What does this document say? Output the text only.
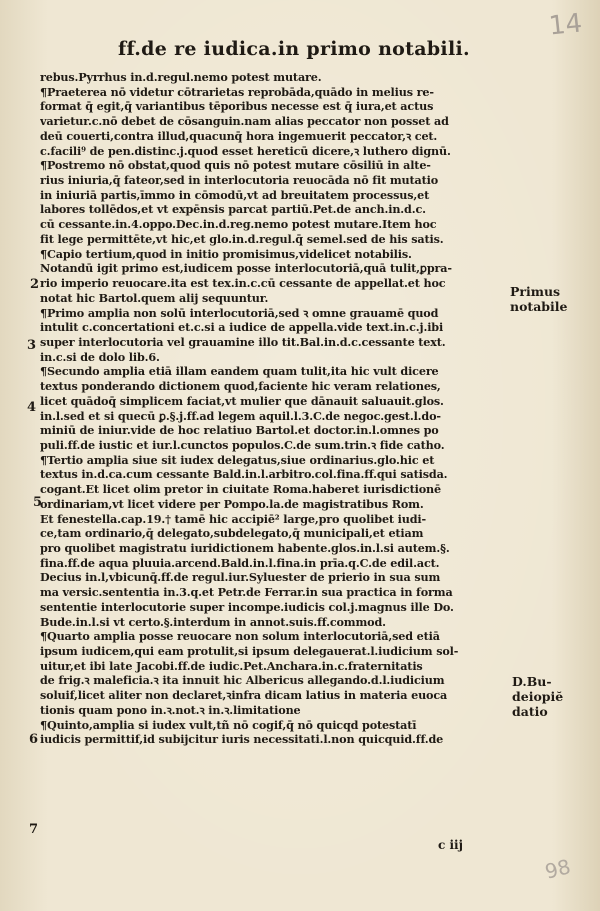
14
ff.de re iudica.in primo notabili.
rebus.Pyrrhus in.d.regul.nemo potest mutare.
¶Praeterea nō videtur cōtrarietas reprobāda,quādo in melius re-
format q̄ egit,q̄ variantibus tēporibus necesse est q̄ iura,et actus
varietur.c.nō debet de cōsanguin.nam alias peccator non posset ad
deū couerti,contra illud,quacunq̄ hora ingemuerit peccator,ꝛ cet.
c.facili⁹ de pen.distinc.j.quod esset hereticū dicere,ꝛ luthero dignū.
¶Postremo nō obstat,quod quis nō potest mutare cōsiliū in alte-
rius iniuria,q̄ fateor,sed in interlocutoria reuocāda nō fit mutatio
in iniuriā partis,īmmo in cōmodū,vt ad breuitatem processus,et
labores tollēdos,et vt expēnsis parcat partiū.Pet.de anch.in.d.c.
cū cessante.in.4.oppo.Dec.in.d.reg.nemo potest mutare.Item hoc
fit lege permittēte,vt hic,et glo.in.d.regul.q̄ semel.sed de his satis.
¶Capio tertium,quod in initio promisimus,videlicet notabilis.
Notandū igit primo est,iudicem posse interlocutoriā,quā tulit,ꝑpra-
rio imperio reuocare.ita est tex.in.c.cū cessante de appellat.et hoc
notat hic Bartol.quem alij sequuntur.
¶Primo amplia non solū interlocutoriā,sed ꝛ omne grauamē quod
intulit c.concertationi et.c.si a iudice de appella.vide text.in.c.j.ibi
super interlocutoria vel grauamine illo tit.Bal.in.d.c.cessante text.
in.c.si de dolo lib.6.
¶Secundo amplia etiā illam eandem quam tulit,ita hic vult dicere
textus ponderando dictionem quod,faciente hic veram relationes,
licet quādoq̄ simplicem faciat,vt mulier que dānauit saluauit.glos.
in.l.sed et si quecū ꝑ.§.j.ff.ad legem aquil.l.3.C.de negoc.gest.l.do-
miniū de iniur.vide de hoc relatiuo Bartol.et doctor.in.l.omnes po
puli.ff.de iustic et iur.l.cunctos populos.C.de sum.trin.ꝛ fide catho.
¶Tertio amplia siue sit iudex delegatus,siue ordinarius.glo.hic et
textus in.d.ca.cum cessante Bald.in.l.arbitro.col.fina.ff.qui satisda.
cogant.Et licet olim pretor in ciuitate Roma.haberet iurisdictionē
ordinariam,vt licet videre per Pompo.la.de magistratibus Rom.
Et fenestella.cap.19.† tamē hic accipiē² large,pro quolibet iudi-
ce,tam ordinario,q̄ delegato,subdelegato,q̄ municipali,et etiam
pro quolibet magistratu iuridictionem habente.glos.in.l.si autem.§.
fina.ff.de aqua pluuia.arcend.Bald.in.l.fina.in prīa.q.C.de edil.act.
Decius in.l,vbicunq̄.ff.de regul.iur.Syluester de prierio in sua sum
ma versic.sententia in.3.q.et Petr.de Ferrar.in sua practica in forma
sententie interlocutorie super incompe.iudicis col.j.magnus ille Do.
Bude.in.l.si vt certo.§.interdum in annot.suis.ff.commod.
¶Quarto amplia posse reuocare non solum interlocutoriā,sed etiā
ipsum iudicem,qui eam protulit,si ipsum delegauerat.l.iudicium sol-
uitur,et ibi late Jacobi.ff.de iudic.Pet.Anchara.in.c.fraternitatis
de frig.ꝛ maleficia.ꝛ ita innuit hic Albericus allegando.d.l.iudicium
soluif,licet aliter non declaret,ꝛinfra dicam latius in materia euoca
tionis quam pono in.ꝛ.not.ꝛ in.ꝛ.limitatione
¶Quinto,amplia si iudex vult,tñ nō cogif,q̄ nō quicqd potestatī
iudicis permittif,id subijcitur iuris necessitati.l.non quicquid.ff.de
2
3
4
5
6
7
Primus
notabile
D.Bu-
deiopiĕ
datio
c iij
98
